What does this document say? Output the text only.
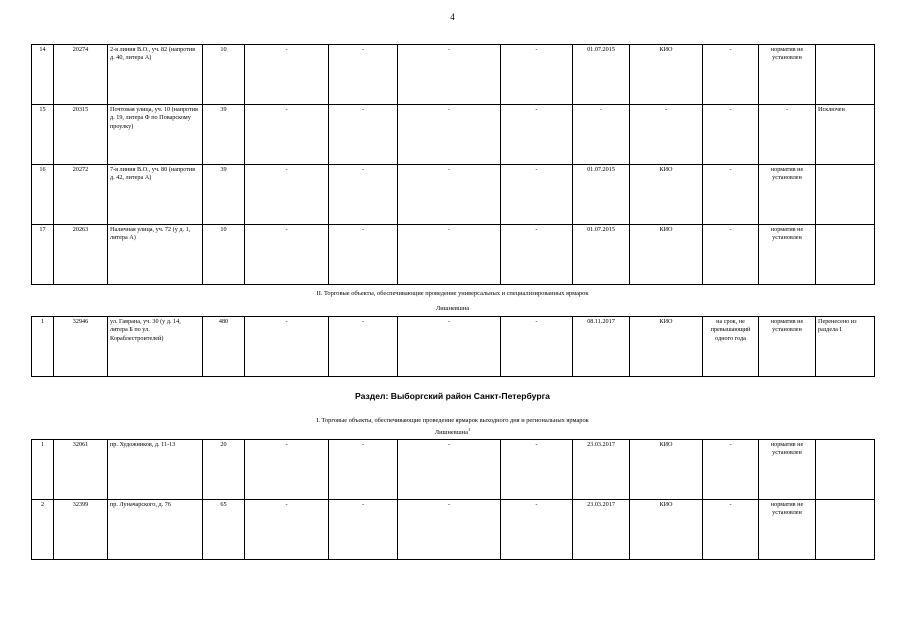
4
14	20274	2-я линия В.О., уч. 82 (напротив д. 40, литера А)	10	-	-	-	-	01.07.2015	КИО	-	норматив не установлен	
15	20315	Почтовая улица, уч. 10 (напротив д. 19, литера Ф по Поварскому проулку)	39	-	-	-	-	-	-	-	-	Исключен
16	20272	7-я линия В.О., уч. 80 (напротив д. 42, литера А)	39	-	-	-	-	01.07.2015	КИО	-	норматив не установлен	
17	20263	Наличная улица, уч. 72 (у д. 1, литера А)	10	-	-	-	-	01.07.2015	КИО	-	норматив не установлен	
II. Торговые объекты, обеспечивающие проведение универсальных и специализированных ярмарок
Лишневшна
1	32946	ул. Гаврана, уч. 30 (у д. 14, литера Б по ул. Кораблестроителей)	480	-	-	-	-	08.11.2017	КИО	на срок, не превышающий одного года	норматив не установлен	Перенесено из раздела I
Раздел: Выборгский район Санкт-Петербурга
I. Торговые объекты, обеспечивающие проведение ярмарок выходного дня и региональных ярмарок
Лишневшна$^1$
1	32061	пр. Художников, д. 11-13	20	-	-	-	-	23.03.2017	КИО	-	норматив не установлен	
2	32399	пр. Луначарского, д. 76	65	-	-	-	-	23.03.2017	КИО	-	норматив не установлен	
